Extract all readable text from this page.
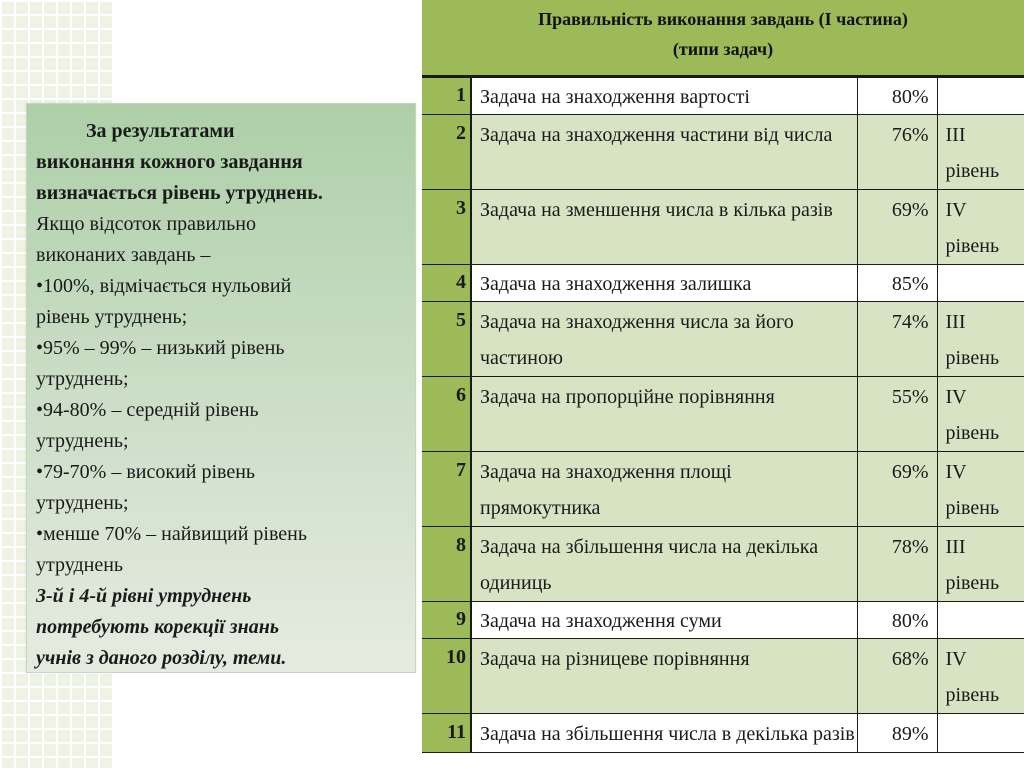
За результатами

виконання кожного завдання

визначається рівень утруднень.

Якщо відсоток правильно

виконаних завдань –

•100%, відмічається нульовий

рівень утруднень;

•95% – 99% – низький рівень

утруднень;

•94-80% – середній рівень

утруднень;

•79-70% – високий рівень

утруднень;

•менше 70% – найвищий рівень

утруднень

3-й і 4-й рівні утруднень

потребують корекції знань

учнів з даного розділу, теми.

Правильність виконання завдань (І частина)
(типи задач)			

1	Задача на знаходження вартості	80%	
2	Задача на знаходження частини від числа	76%	ІІІ рівень
3	Задача на зменшення числа в кілька разів	69%	ІV рівень
4	Задача на знаходження залишка	85%	
5	Задача на знаходження числа за його частиною	74%	ІІІ рівень
6	Задача на пропорційне порівняння	55%	ІV рівень
7	Задача на знаходження площі прямокутника	69%	ІV рівень
8	Задача на збільшення числа на декілька одиниць	78%	ІІІ рівень
9	Задача на знаходження суми	80%	
10	Задача на різницеве порівняння	68%	ІV рівень
11	Задача на збільшення числа в декілька разів	89%	
